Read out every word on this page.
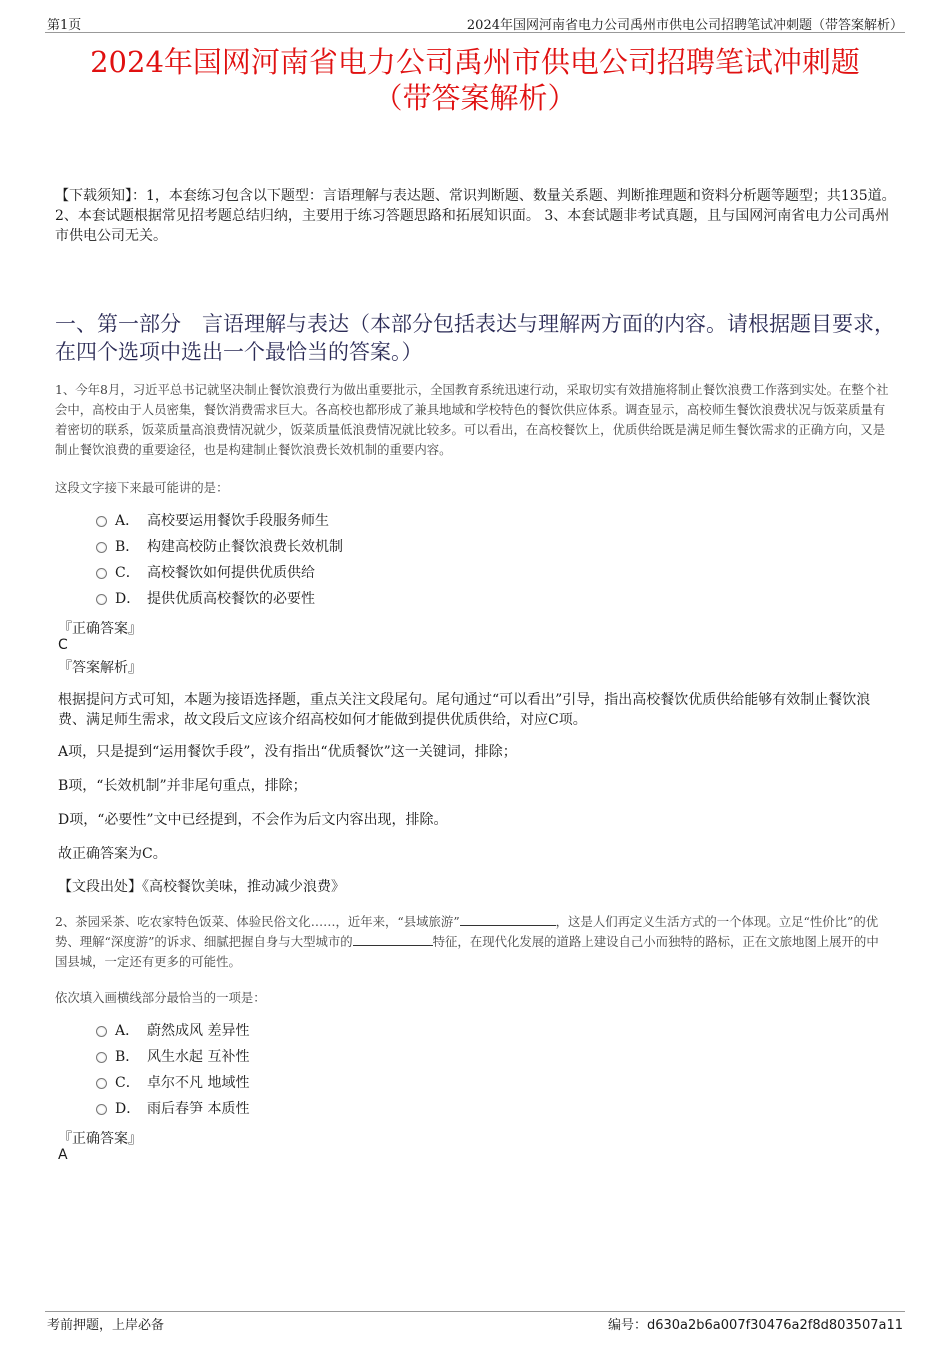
第1页	2024年国网河南省电力公司禹州市供电公司招聘笔试冲刺题（带答案解析）
2024年国网河南省电力公司禹州市供电公司招聘笔试冲刺题
（带答案解析）
【下载须知】：1，本套练习包含以下题型：言语理解与表达题、常识判断题、数量关系题、判断推理题和资料分析题等题型；共135道。 2、本套试题根据常见招考题总结归纳，主要用于练习答题思路和拓展知识面。 3、本套试题非考试真题，且与国网河南省电力公司禹州市供电公司无关。
一、第一部分　言语理解与表达（本部分包括表达与理解两方面的内容。请根据题目要求，在四个选项中选出一个最恰当的答案。）
1、今年8月，习近平总书记就坚决制止餐饮浪费行为做出重要批示，全国教育系统迅速行动，采取切实有效措施将制止餐饮浪费工作落到实处。在整个社会中，高校由于人员密集，餐饮消费需求巨大。各高校也都形成了兼具地域和学校特色的餐饮供应体系。调查显示，高校师生餐饮浪费状况与饭菜质量有着密切的联系，饭菜质量高浪费情况就少，饭菜质量低浪费情况就比较多。可以看出，在高校餐饮上，优质供给既是满足师生餐饮需求的正确方向，又是制止餐饮浪费的重要途径，也是构建制止餐饮浪费长效机制的重要内容。
这段文字接下来最可能讲的是：
A． 高校要运用餐饮手段服务师生
B． 构建高校防止餐饮浪费长效机制
C． 高校餐饮如何提供优质供给
D． 提供优质高校餐饮的必要性
『正确答案』
C
『答案解析』
根据提问方式可知，本题为接语选择题，重点关注文段尾句。尾句通过“可以看出”引导，指出高校餐饮优质供给能够有效制止餐饮浪费、满足师生需求，故文段后文应该介绍高校如何才能做到提供优质供给，对应C项。
A项，只是提到“运用餐饮手段”，没有指出“优质餐饮”这一关键词，排除；
B项，“长效机制”并非尾句重点，排除；
D项，“必要性”文中已经提到，不会作为后文内容出现，排除。
故正确答案为C。
【文段出处】《高校餐饮美味，推动减少浪费》
2、茶园采茶、吃农家特色饭菜、体验民俗文化……，近年来，“县域旅游”	，这是人们再定义生活方式的一个体现。立足“性价比”的优势、理解“深度游”的诉求、细腻把握自身与大型城市的	特征，在现代化发展的道路上建设自己小而独特的路标，正在文旅地图上展开的中国县城，一定还有更多的可能性。
依次填入画横线部分最恰当的一项是：
A． 蔚然成风 差异性
B． 风生水起 互补性
C． 卓尔不凡 地域性
D． 雨后春笋 本质性
『正确答案』
A
考前押题，上岸必备	编号：d630a2b6a007f30476a2f8d803507a11
